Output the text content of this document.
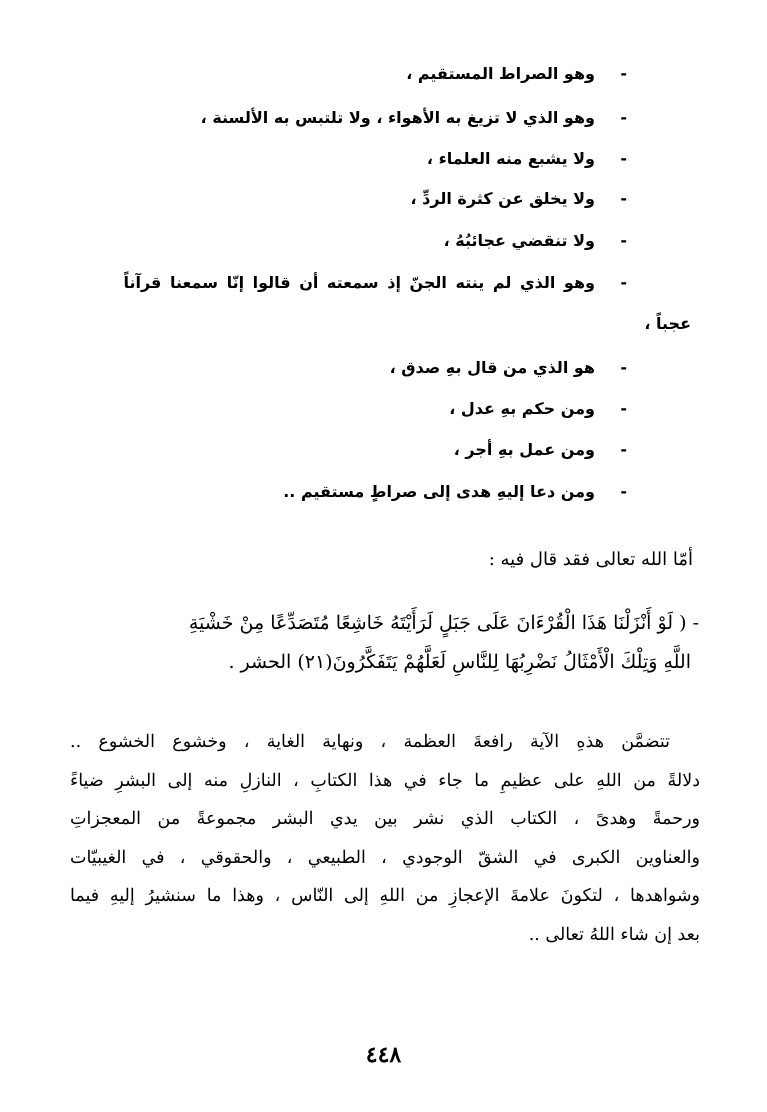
-
وهو الصراط المستقيم ،
-
وهو الذي لا تزيغ به الأهواء ، ولا تلتبس به الألسنة ،
-
ولا يشبع منه العلماء ،
-
ولا يخلق عن كثرة الردِّ ،
-
ولا تنقضي عجائبُهُ ،
-
وهو الذي لم ينته الجنّ إذ سمعته أن قالوا إنّا سمعنا قرآناً
عجباً ،
-
هو الذي من قال بهِ صدق ،
-
ومن حكم بهِ عدل ،
-
ومن عمل بهِ أجر ،
-
ومن دعا إليهِ هدى إلى صراطٍ مستقيم ..
أمّا الله تعالى فقد قال فيه :
- ( لَوْ أَنْزَلْنَا هَذَا الْقُرْءَانَ عَلَى جَبَلٍ لَرَأَيْتَهُ خَاشِعًا مُتَصَدِّعًا مِنْ خَشْيَةِ
اللَّهِ وَتِلْكَ الْأَمْثَالُ نَضْرِبُهَا لِلنَّاسِ لَعَلَّهُمْ يَتَفَكَّرُونَ(٢١) الحشر .
تتضمَّن هذهِ الآية رافعةَ العظمة ، ونهاية الغاية ، وخشوع الخشوع ..
دلالةً من اللهِ على عظيمِ ما جاء في هذا الكتابِ ، النازلِ منه إلى البشرِ ضياءً
ورحمةً وهدىً ، الكتاب الذي نشر بين يدي البشر مجموعةً من المعجزاتِ
والعناوين الكبرى في الشقّ الوجودي ، الطبيعي ، والحقوقي ، في الغيبيّات
وشواهدها ، لتكونَ علامةَ الإعجازِ من اللهِ إلى النّاس ، وهذا ما سنشيرُ إليهِ فيما
بعد إن شاء اللهُ تعالى ..
٤٤٨
